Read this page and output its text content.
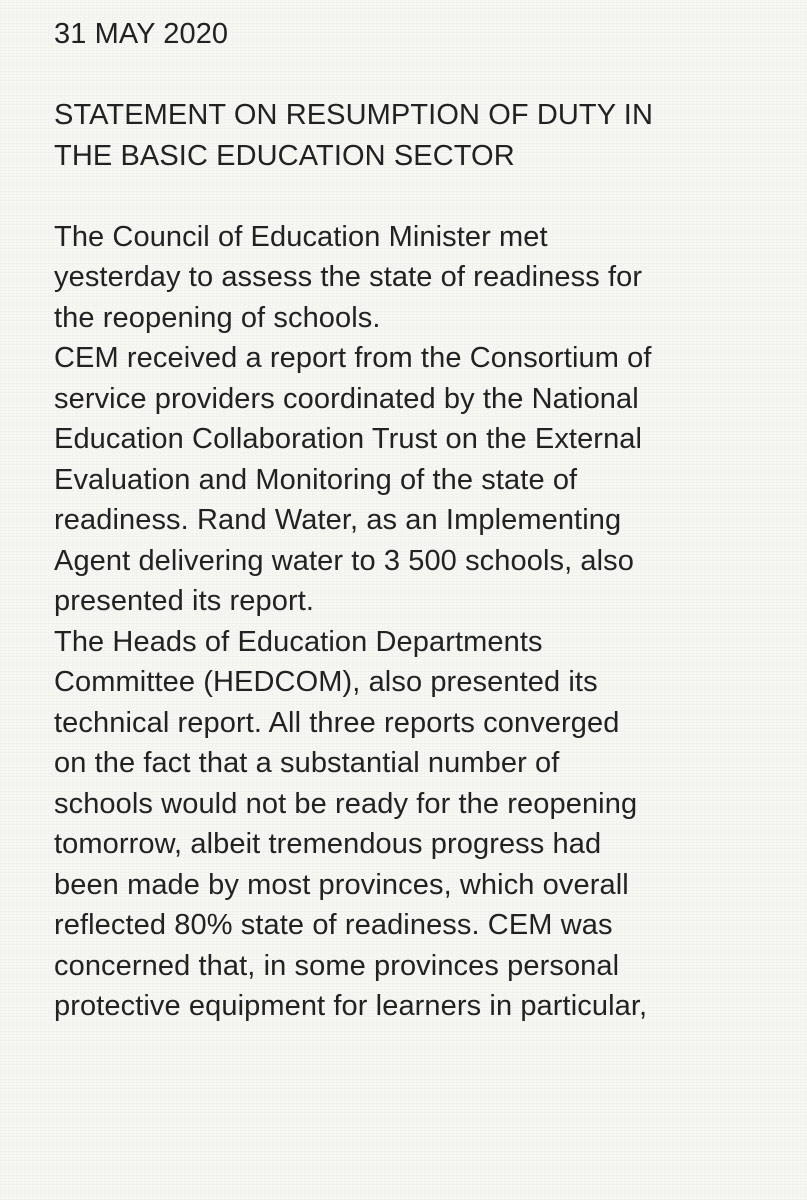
31 MAY 2020
STATEMENT ON RESUMPTION OF DUTY IN
THE BASIC EDUCATION SECTOR
The Council of Education Minister met
yesterday to assess the state of readiness for
the reopening of schools.
CEM received a report from the Consortium of
service providers coordinated by the National
Education Collaboration Trust on the External
Evaluation and Monitoring of the state of
readiness. Rand Water, as an Implementing
Agent delivering water to 3 500 schools, also
presented its report.
The Heads of Education Departments
Committee (HEDCOM), also presented its
technical report. All three reports converged
on the fact that a substantial number of
schools would not be ready for the reopening
tomorrow, albeit tremendous progress had
been made by most provinces, which overall
reflected 80% state of readiness. CEM was
concerned that, in some provinces personal
protective equipment for learners in particular,
